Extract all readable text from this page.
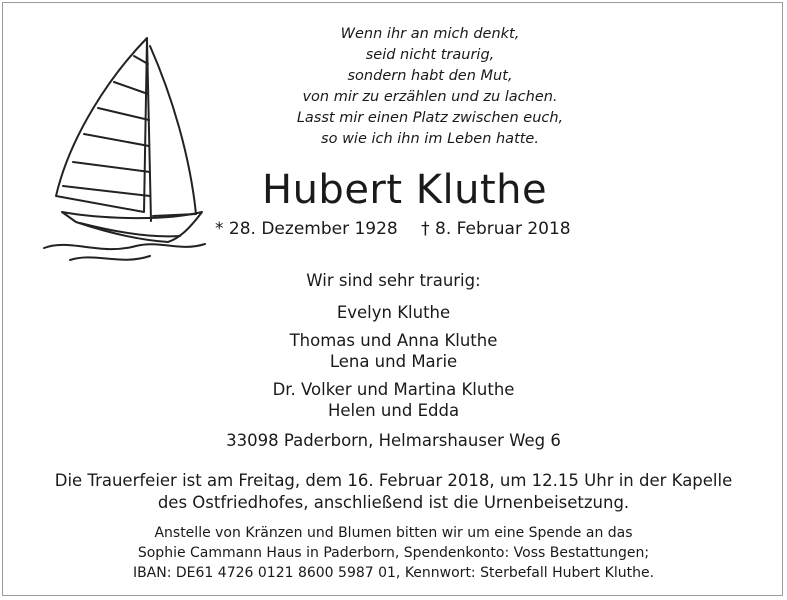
Wenn ihr an mich denkt,
seid nicht traurig,
sondern habt den Mut,
von mir zu erzählen und zu lachen.
Lasst mir einen Platz zwischen euch,
so wie ich ihn im Leben hatte.
Hubert Kluthe
* 28. Dezember 1928 † 8. Februar 2018
Wir sind sehr traurig:
Evelyn Kluthe
Thomas und Anna Kluthe
Lena und Marie
Dr. Volker und Martina Kluthe
Helen und Edda
33098 Paderborn, Helmarshauser Weg 6
Die Trauerfeier ist am Freitag, dem 16. Februar 2018, um 12.15 Uhr in der Kapelle
des Ostfriedhofes, anschließend ist die Urnenbeisetzung.
Anstelle von Kränzen und Blumen bitten wir um eine Spende an das
Sophie Cammann Haus in Paderborn, Spendenkonto: Voss Bestattungen;
IBAN: DE61 4726 0121 8600 5987 01, Kennwort: Sterbefall Hubert Kluthe.
